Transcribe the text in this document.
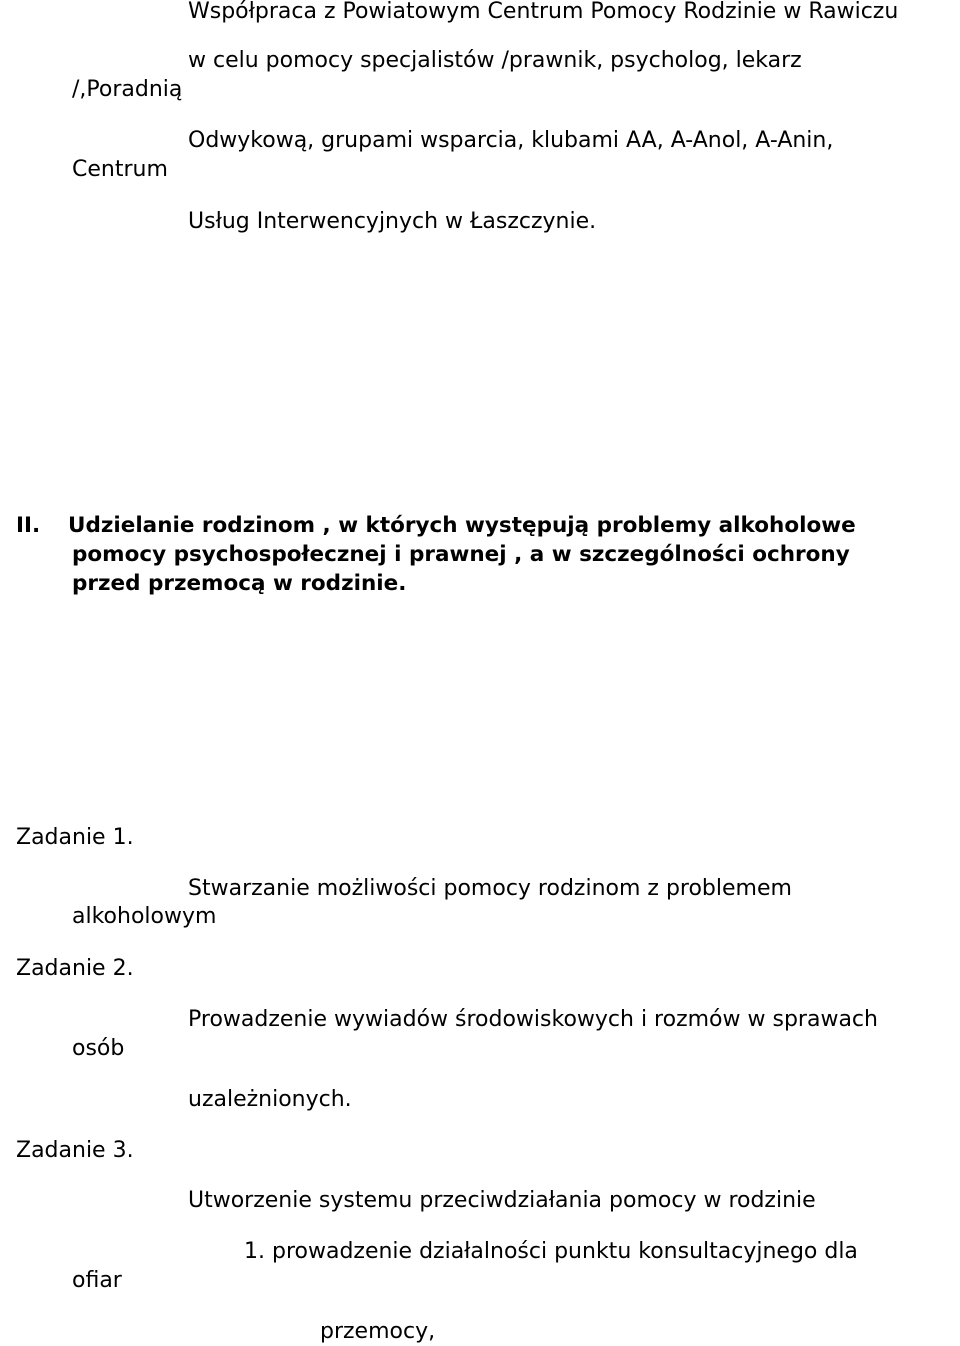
Współpraca z Powiatowym Centrum Pomocy Rodzinie w Rawiczu

w celu pomocy specjalistów /prawnik, psycholog, lekarz

/,Poradnią

Odwykową, grupami wsparcia, klubami AA, A-Anol, A-Anin,

Centrum

Usług Interwencyjnych w Łaszczynie.

II. Udzielanie rodzinom , w których występują problemy alkoholowe

pomocy psychospołecznej i prawnej , a w szczególności ochrony

przed przemocą w rodzinie.

Zadanie 1.

Stwarzanie możliwości pomocy rodzinom z problemem

alkoholowym

Zadanie 2.

Prowadzenie wywiadów środowiskowych i rozmów w sprawach

osób

uzależnionych.

Zadanie 3.

Utworzenie systemu przeciwdziałania pomocy w rodzinie

1. prowadzenie działalności punktu konsultacyjnego dla

ofiar

przemocy,
